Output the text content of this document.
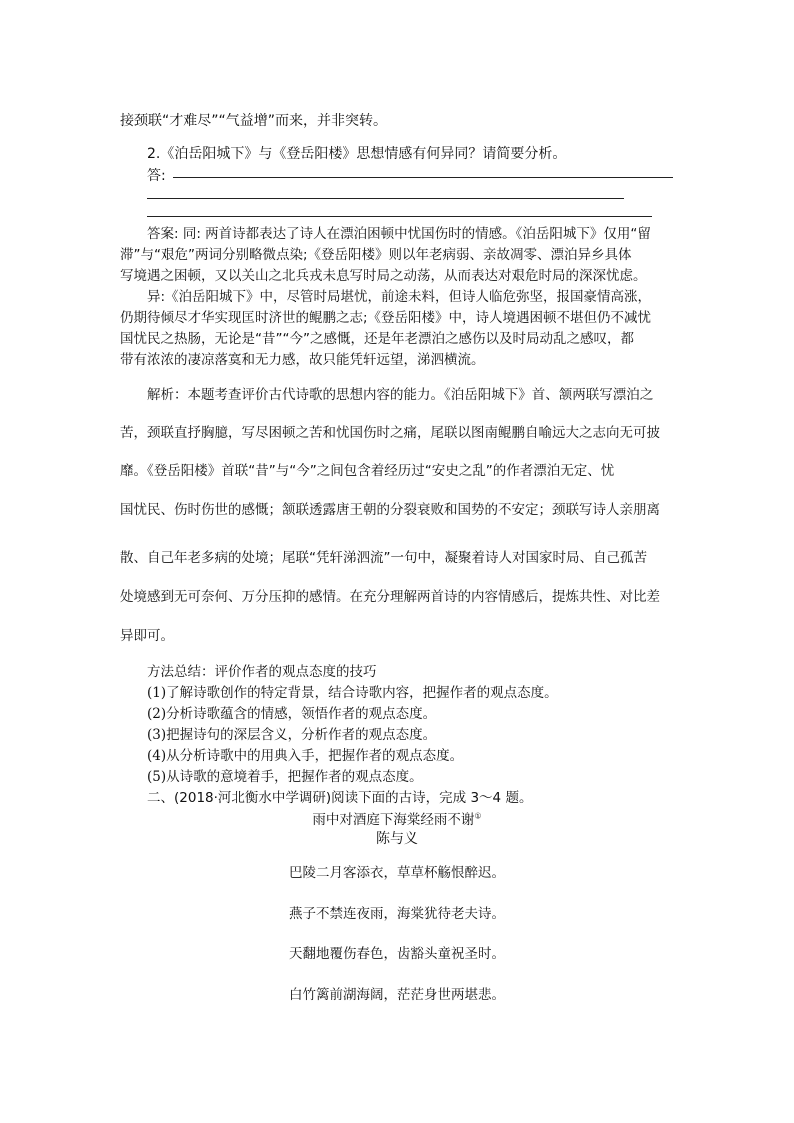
接颈联“才难尽”“气益增”而来，并非突转。
2.《泊岳阳城下》与《登岳阳楼》思想情感有何异同？请简要分析。
答:
答案: 同: 两首诗都表达了诗人在漂泊困顿中忧国伤时的情感。《泊岳阳城下》仅用“留
滞”与“艰危”两词分别略微点染;《登岳阳楼》则以年老病弱、亲故凋零、漂泊异乡具体
写境遇之困顿，又以关山之北兵戎未息写时局之动荡，从而表达对艰危时局的深深忧虑。
异:《泊岳阳城下》中，尽管时局堪忧，前途未料，但诗人临危弥坚，报国豪情高涨，
仍期待倾尽才华实现匡时济世的鲲鹏之志;《登岳阳楼》中，诗人境遇困顿不堪但仍不减忧
国忧民之热肠，无论是“昔”“今”之感慨，还是年老漂泊之感伤以及时局动乱之感叹，都
带有浓浓的凄凉落寞和无力感，故只能凭轩远望，涕泗横流。
解析：本题考查评价古代诗歌的思想内容的能力。《泊岳阳城下》首、颔两联写漂泊之
苦，颈联直抒胸臆，写尽困顿之苦和忧国伤时之痛，尾联以图南鲲鹏自喻远大之志向无可披
靡。《登岳阳楼》首联“昔”与“今”之间包含着经历过“安史之乱”的作者漂泊无定、忧
国忧民、伤时伤世的感慨；颔联透露唐王朝的分裂衰败和国势的不安定；颈联写诗人亲朋离
散、自己年老多病的处境；尾联“凭轩涕泗流”一句中，凝聚着诗人对国家时局、自己孤苦
处境感到无可奈何、万分压抑的感情。在充分理解两首诗的内容情感后，提炼共性、对比差
异即可。
方法总结：评价作者的观点态度的技巧
(1)了解诗歌创作的特定背景，结合诗歌内容，把握作者的观点态度。
(2)分析诗歌蕴含的情感，领悟作者的观点态度。
(3)把握诗句的深层含义，分析作者的观点态度。
(4)从分析诗歌中的用典入手，把握作者的观点态度。
(5)从诗歌的意境着手，把握作者的观点态度。
二、(2018·河北衡水中学调研)阅读下面的古诗，完成 3～4 题。
雨中对酒庭下海棠经雨不谢①
陈与义
巴陵二月客添衣，草草杯觞恨醉迟。
燕子不禁连夜雨，海棠犹待老夫诗。
天翻地覆伤春色，齿豁头童祝圣时。
白竹篱前湖海阔，茫茫身世两堪悲。
